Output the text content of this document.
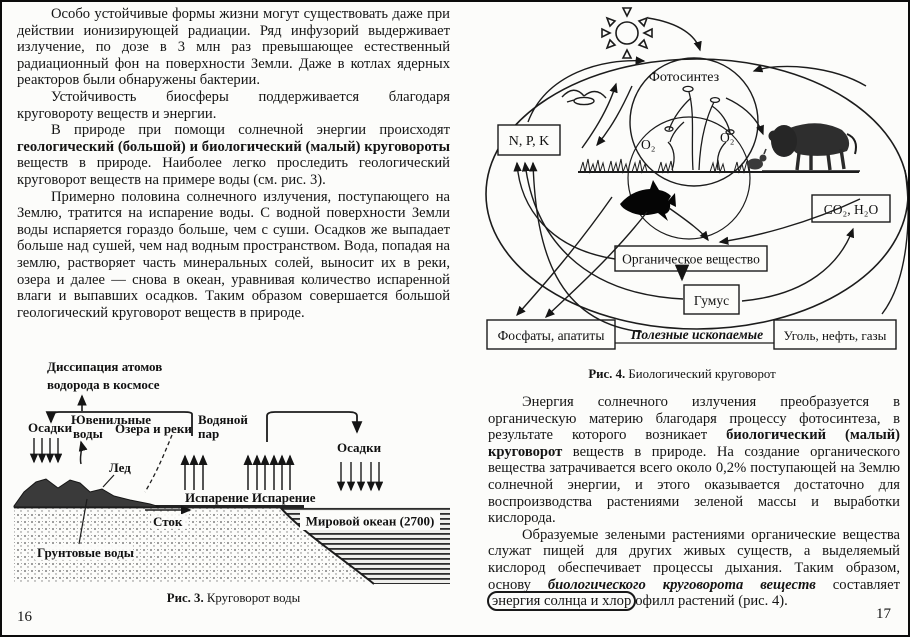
Особо устойчивые формы жизни могут существовать даже при действии ионизирующей радиации. Ряд инфузорий выдерживает излучение, по дозе в 3 млн раз превышающее естественный радиационный фон на поверхности Земли. Даже в котлах ядерных реакторов были обнаружены бактерии.

Устойчивость биосферы поддерживается благодаря круговороту веществ и энергии.

В природе при помощи солнечной энергии происходят геологический (большой) и биологический (малый) круговороты веществ в природе. Наиболее легко проследить геологический круговорот веществ на примере воды (см. рис. 3).

Примерно половина солнечного излучения, поступающего на Землю, тратится на испарение воды. С водной поверхности Земли воды испаряется гораздо больше, чем с суши. Осадков же выпадает больше над сушей, чем над водным пространством. Вода, попадая на землю, растворяет часть минеральных солей, выносит их в реки, озера и далее — снова в океан, уравнивая количество испаренной влаги и выпавших осадков. Таким образом совершается большой геологический круговорот веществ в природе.

Диссипация атомов
водорода в космосе
Осадки
Ювенильные
воды Озера и реки
Водяной
пар
Лед
Испарение Испарение
Осадки
Мировой океан (2700)
Сток
Грунтовые воды
Рис. 3. Круговорот воды
16
Фотосинтез
O₂	O₂
N, P, K
CO₂, H₂O
Органическое вещество
Гумус
Фосфаты, апатиты	Уголь, нефть, газы
Полезные ископаемые
Рис. 4. Биологический круговорот

Энергия солнечного излучения преобразуется в органическую материю благодаря процессу фотосинтеза, в результате которого возникает биологический (малый) круговорот веществ в природе. На создание органического вещества затрачивается всего около 0,2% поступающей на Землю солнечной энергии, и этого оказывается достаточно для воспроизводства растениями зеленой массы и выработки кислорода.

Образуемые зелеными растениями органические вещества служат пищей для других живых существ, а выделяемый кислород обеспечивает процессы дыхания. Таким образом, основу биологического круговорота веществ составляет энергия солнца и хлор офилл растений (рис. 4).

17
